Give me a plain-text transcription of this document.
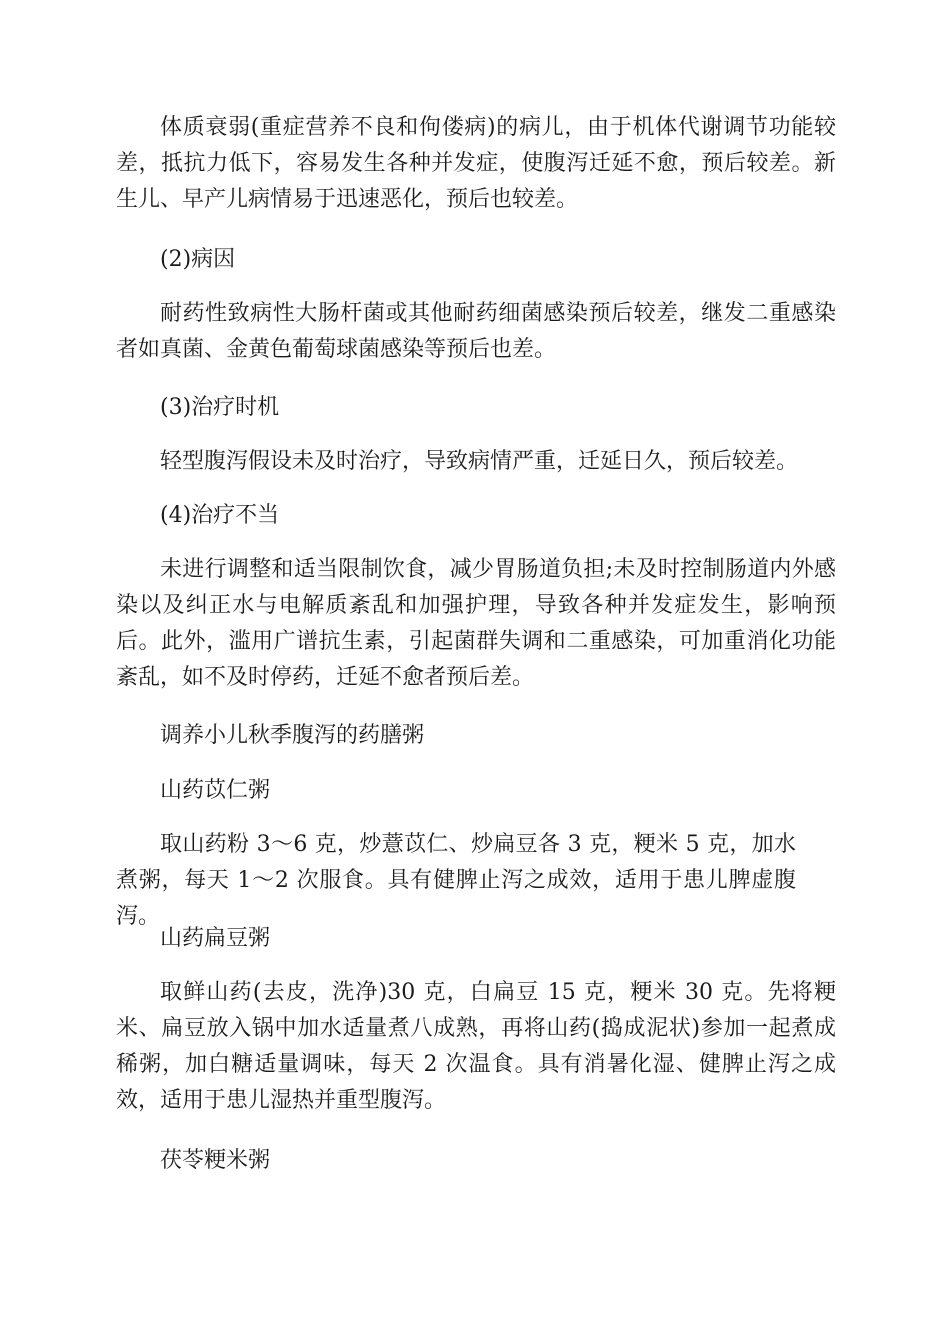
体质衰弱(重症营养不良和佝偻病)的病儿，由于机体代谢调节功能较差，抵抗力低下，容易发生各种并发症，使腹泻迁延不愈，预后较差。新生儿、早产儿病情易于迅速恶化，预后也较差。

(2)病因

耐药性致病性大肠杆菌或其他耐药细菌感染预后较差，继发二重感染者如真菌、金黄色葡萄球菌感染等预后也差。

(3)治疗时机

轻型腹泻假设未及时治疗，导致病情严重，迁延日久，预后较差。

(4)治疗不当

未进行调整和适当限制饮食，减少胃肠道负担;未及时控制肠道内外感染以及纠正水与电解质紊乱和加强护理，导致各种并发症发生，影响预后。此外，滥用广谱抗生素，引起菌群失调和二重感染，可加重消化功能紊乱，如不及时停药，迁延不愈者预后差。

调养小儿秋季腹泻的药膳粥

山药苡仁粥

取山药粉 3～6 克，炒薏苡仁、炒扁豆各 3 克，粳米 5 克，加水煮粥，每天 1～2 次服食。具有健脾止泻之成效，适用于患儿脾虚腹泻。

山药扁豆粥

取鲜山药(去皮，洗净)30 克，白扁豆 15 克，粳米 30 克。先将粳米、扁豆放入锅中加水适量煮八成熟，再将山药(捣成泥状)参加一起煮成稀粥，加白糖适量调味，每天 2 次温食。具有消暑化湿、健脾止泻之成效，适用于患儿湿热并重型腹泻。

茯苓粳米粥
